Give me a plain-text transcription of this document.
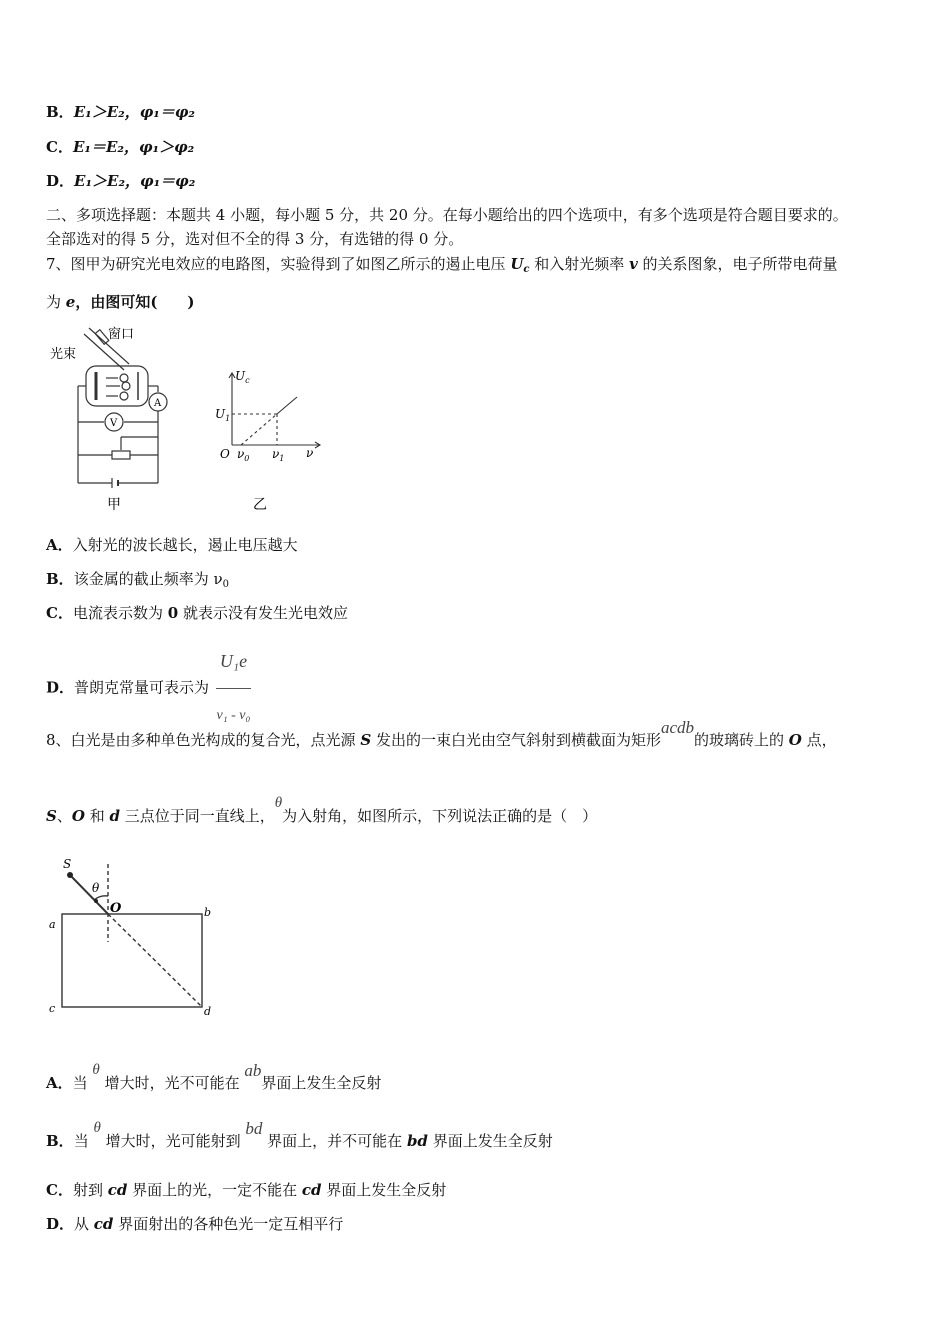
B．E₁＞E₂，φ₁＝φ₂
C．E₁＝E₂，φ₁＞φ₂
D．E₁＞E₂，φ₁＝φ₂
二、多项选择题：本题共 4 小题，每小题 5 分，共 20 分。在每小题给出的四个选项中，有多个选项是符合题目要求的。
全部选对的得 5 分，选对但不全的得 3 分，有选错的得 0 分。
7、图甲为研究光电效应的电路图，实验得到了如图乙所示的遏止电压 $U_c$ 和入射光频率 v 的关系图象，电子所带电荷量
为 e，由图可知(　　)
窗口
光束
V
A
甲
$U_c$
$U_1$
O $\nu_0$ $\nu_1$ ν
乙
A．入射光的波长越长，遏止电压越大
B．该金属的截止频率为 $\nu_0$
C．电流表示数为 0 就表示没有发生光电效应
D．普朗克常量可表示为 $\frac{\text{U₁e}}{\text{ν₁ - ν₀}}$
8、白光是由多种单色光构成的复合光，点光源 S 发出的一束白光由空气斜射到横截面为矩形acdb的玻璃砖上的 O 点，
S、O 和 d 三点位于同一直线上，θ为入射角，如图所示，下列说法正确的是（　）
S
θ
O
a
b
c	d
A．当 θ 增大时，光不可能在 ab界面上发生全反射
B．当 θ 增大时，光可能射到 bd 界面上，并不可能在 bd 界面上发生全反射
C．射到 cd 界面上的光，一定不能在 cd 界面上发生全反射
D．从 cd 界面射出的各种色光一定互相平行
